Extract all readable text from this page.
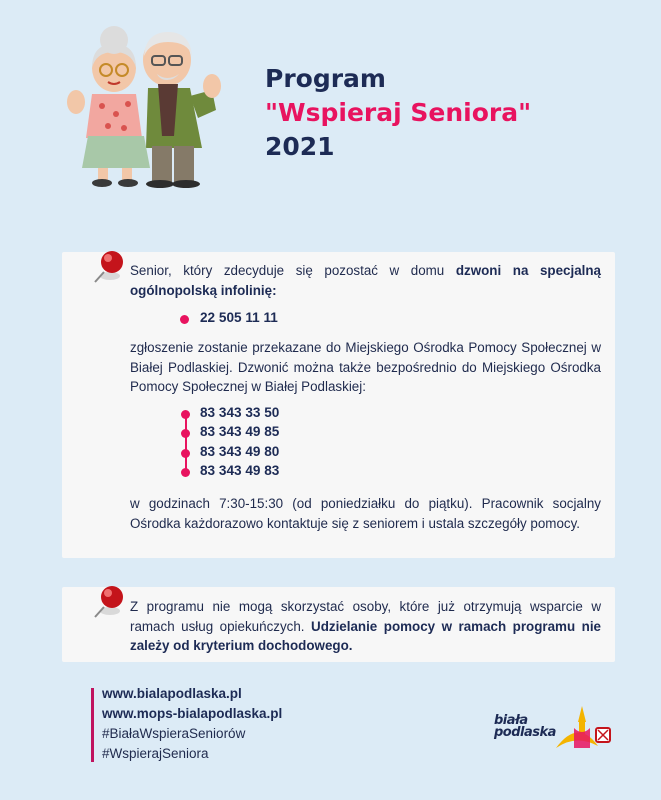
Program
"Wspieraj Seniora"
2021
Senior, który zdecyduje się pozostać w domu dzwoni na specjalną ogólnopolską infolinię:
22 505 11 11
zgłoszenie zostanie przekazane do Miejskiego Ośrodka Pomocy Społecznej w Białej Podlaskiej. Dzwonić można także bezpośrednio do Miejskiego Ośrodka Pomocy Społecznej w Białej Podlaskiej:
83 343 33 50
83 343 49 85
83 343 49 80
83 343 49 83
w godzinach 7:30-15:30 (od poniedziałku do piątku). Pracownik socjalny Ośrodka każdorazowo kontaktuje się z seniorem i ustala szczegóły pomocy.
Z programu nie mogą skorzystać osoby, które już otrzymują wsparcie w ramach usług opiekuńczych. Udzielanie pomocy w ramach programu nie zależy od kryterium dochodowego.
www.bialapodlaska.pl
www.mops-bialapodlaska.pl
#BiałaWspieraSeniorów
#WspierajSeniora
biała
podlaska
